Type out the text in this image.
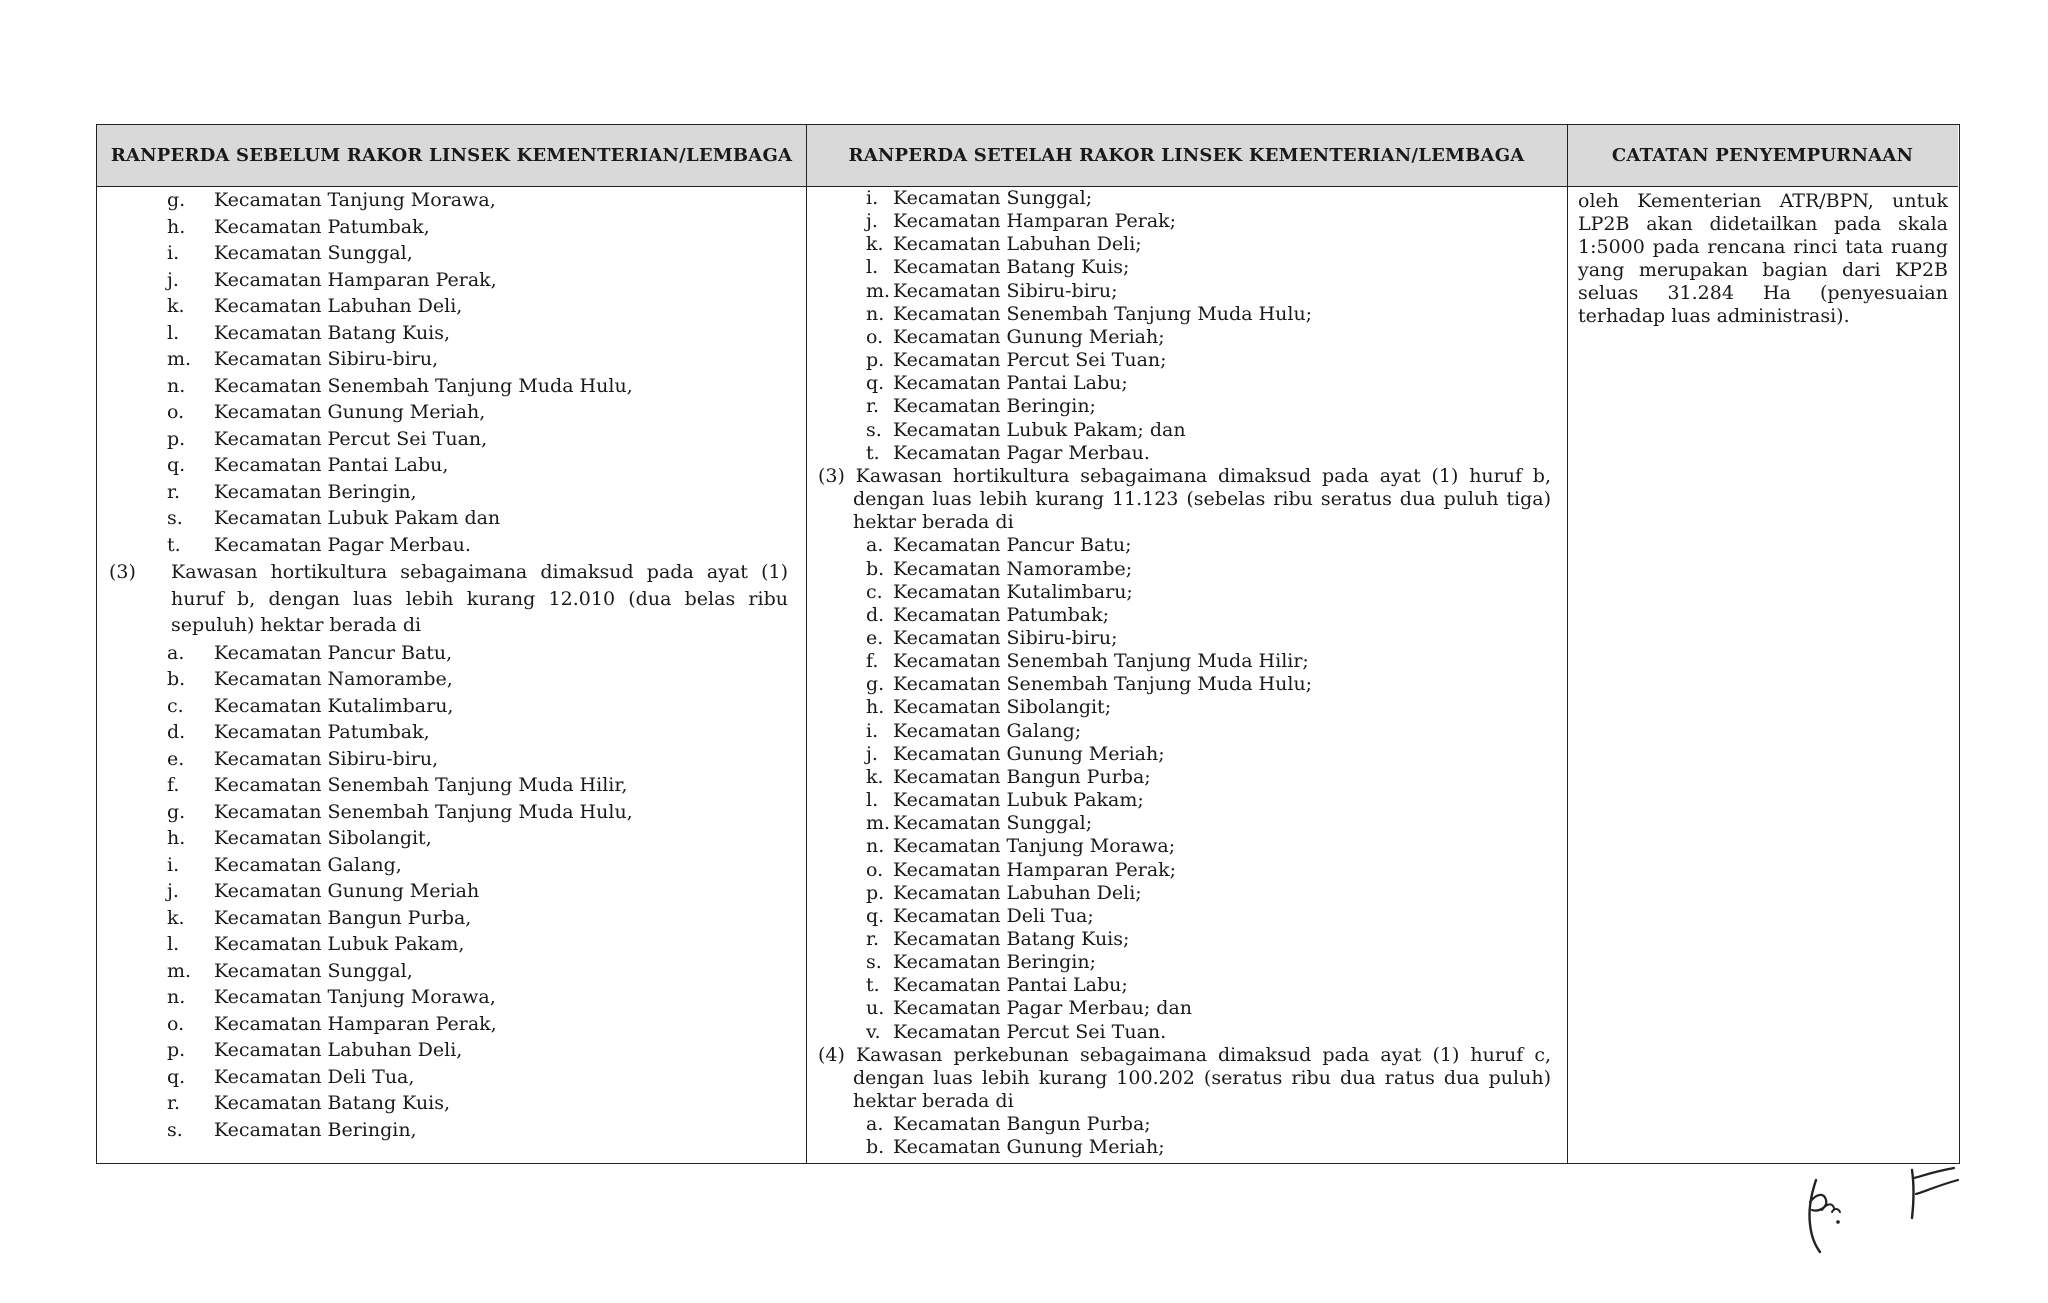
RANPERDA SEBELUM RAKOR LINSEK KEMENTERIAN/LEMBAGA	RANPERDA SETELAH RAKOR LINSEK KEMENTERIAN/LEMBAGA	CATATAN PENYEMPURNAAN
g. Kecamatan Tanjung Morawa,
h. Kecamatan Patumbak,
i. Kecamatan Sunggal,
j. Kecamatan Hamparan Perak,
k. Kecamatan Labuhan Deli,
l. Kecamatan Batang Kuis,
m. Kecamatan Sibiru-biru,
n. Kecamatan Senembah Tanjung Muda Hulu,
o. Kecamatan Gunung Meriah,
p. Kecamatan Percut Sei Tuan,
q. Kecamatan Pantai Labu,
r. Kecamatan Beringin,
s. Kecamatan Lubuk Pakam dan
t. Kecamatan Pagar Merbau.
(3) Kawasan hortikultura sebagaimana dimaksud pada ayat (1) huruf b, dengan luas lebih kurang 12.010 (dua belas ribu sepuluh) hektar berada di
a. Kecamatan Pancur Batu,
b. Kecamatan Namorambe,
c. Kecamatan Kutalimbaru,
d. Kecamatan Patumbak,
e. Kecamatan Sibiru-biru,
f. Kecamatan Senembah Tanjung Muda Hilir,
g. Kecamatan Senembah Tanjung Muda Hulu,
h. Kecamatan Sibolangit,
i. Kecamatan Galang,
j. Kecamatan Gunung Meriah
k. Kecamatan Bangun Purba,
l. Kecamatan Lubuk Pakam,
m. Kecamatan Sunggal,
n. Kecamatan Tanjung Morawa,
o. Kecamatan Hamparan Perak,
p. Kecamatan Labuhan Deli,
q. Kecamatan Deli Tua,
r. Kecamatan Batang Kuis,
s. Kecamatan Beringin,
i. Kecamatan Sunggal;
j. Kecamatan Hamparan Perak;
k. Kecamatan Labuhan Deli;
l. Kecamatan Batang Kuis;
m. Kecamatan Sibiru-biru;
n. Kecamatan Senembah Tanjung Muda Hulu;
o. Kecamatan Gunung Meriah;
p. Kecamatan Percut Sei Tuan;
q. Kecamatan Pantai Labu;
r. Kecamatan Beringin;
s. Kecamatan Lubuk Pakam; dan
t. Kecamatan Pagar Merbau.
(3) Kawasan hortikultura sebagaimana dimaksud pada ayat (1) huruf b, dengan luas lebih kurang 11.123 (sebelas ribu seratus dua puluh tiga) hektar berada di
a. Kecamatan Pancur Batu;
b. Kecamatan Namorambe;
c. Kecamatan Kutalimbaru;
d. Kecamatan Patumbak;
e. Kecamatan Sibiru-biru;
f. Kecamatan Senembah Tanjung Muda Hilir;
g. Kecamatan Senembah Tanjung Muda Hulu;
h. Kecamatan Sibolangit;
i. Kecamatan Galang;
j. Kecamatan Gunung Meriah;
k. Kecamatan Bangun Purba;
l. Kecamatan Lubuk Pakam;
m. Kecamatan Sunggal;
n. Kecamatan Tanjung Morawa;
o. Kecamatan Hamparan Perak;
p. Kecamatan Labuhan Deli;
q. Kecamatan Deli Tua;
r. Kecamatan Batang Kuis;
s. Kecamatan Beringin;
t. Kecamatan Pantai Labu;
u. Kecamatan Pagar Merbau; dan
v. Kecamatan Percut Sei Tuan.
(4) Kawasan perkebunan sebagaimana dimaksud pada ayat (1) huruf c, dengan luas lebih kurang 100.202 (seratus ribu dua ratus dua puluh) hektar berada di
a. Kecamatan Bangun Purba;
b. Kecamatan Gunung Meriah;
oleh Kementerian ATR/BPN, untuk LP2B akan didetailkan pada skala 1:5000 pada rencana rinci tata ruang yang merupakan bagian dari KP2B seluas 31.284 Ha (penyesuaian terhadap luas administrasi).
